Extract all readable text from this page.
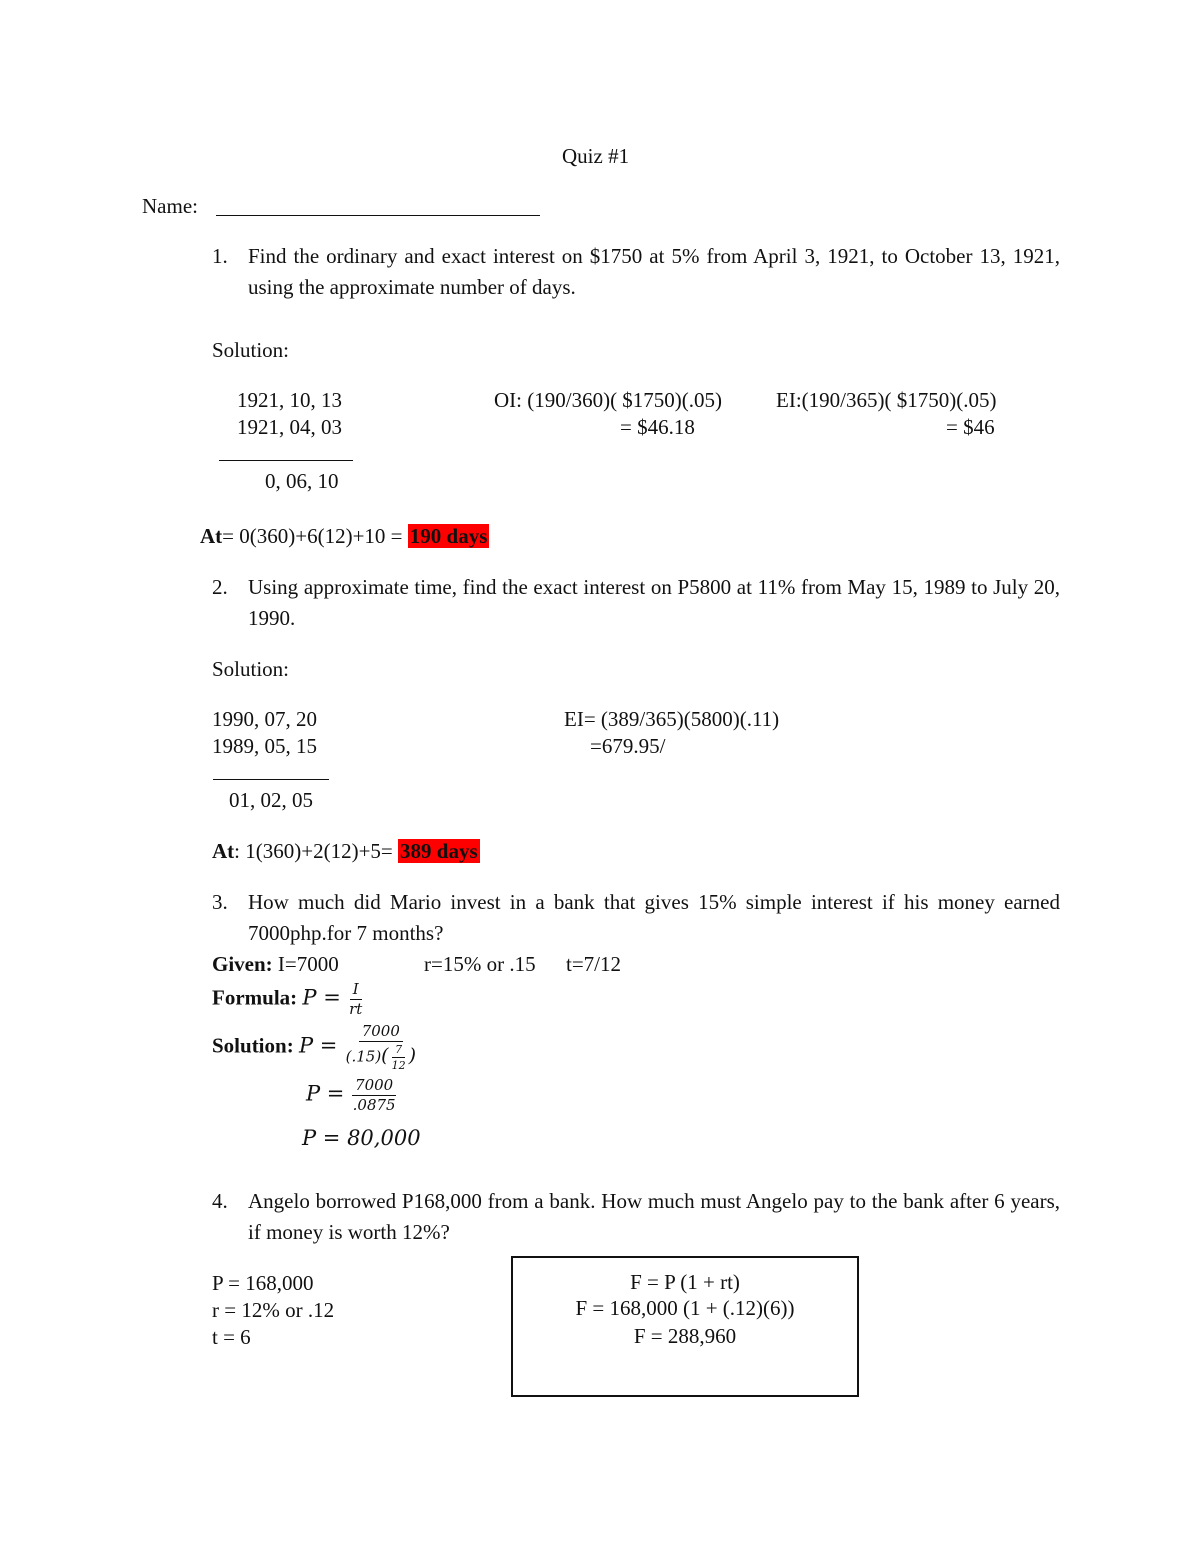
Quiz #1
Name:
1. Find the ordinary and exact interest on $1750 at 5% from April 3, 1921, to October 13, 1921, using the approximate number of days.
Solution:
1921, 10, 13
1921, 04, 03
0, 06, 10
OI: (190/360)( $1750)(.05)
= $46.18
EI:(190/365)( $1750)(.05)
= $46
At= 0(360)+6(12)+10 = 190 days
2. Using approximate time, find the exact interest on P5800 at 11% from May 15, 1989 to July 20, 1990.
Solution:
1990, 07, 20
1989, 05, 15
01, 02, 05
EI= (389/365)(5800)(.11)
=679.95/
At: 1(360)+2(12)+5= 389 days
3. How much did Mario invest in a bank that gives 15% simple interest if his money earned 7000php.for 7 months?
Given: I=7000	r=15% or .15 t=7/12
Formula: $P = \frac{I}{rt}$
Solution: $P = \frac{7000}{(.15)( \frac{7}{12} )}$
$P = \frac{7000}{.0875}$
P = 80,000
4. Angelo borrowed P168,000 from a bank. How much must Angelo pay to the bank after 6 years, if money is worth 12%?
P = 168,000
r = 12% or .12
t = 6
F = P (1 + rt)
F = 168,000 (1 + (.12)(6))
F = 288,960
